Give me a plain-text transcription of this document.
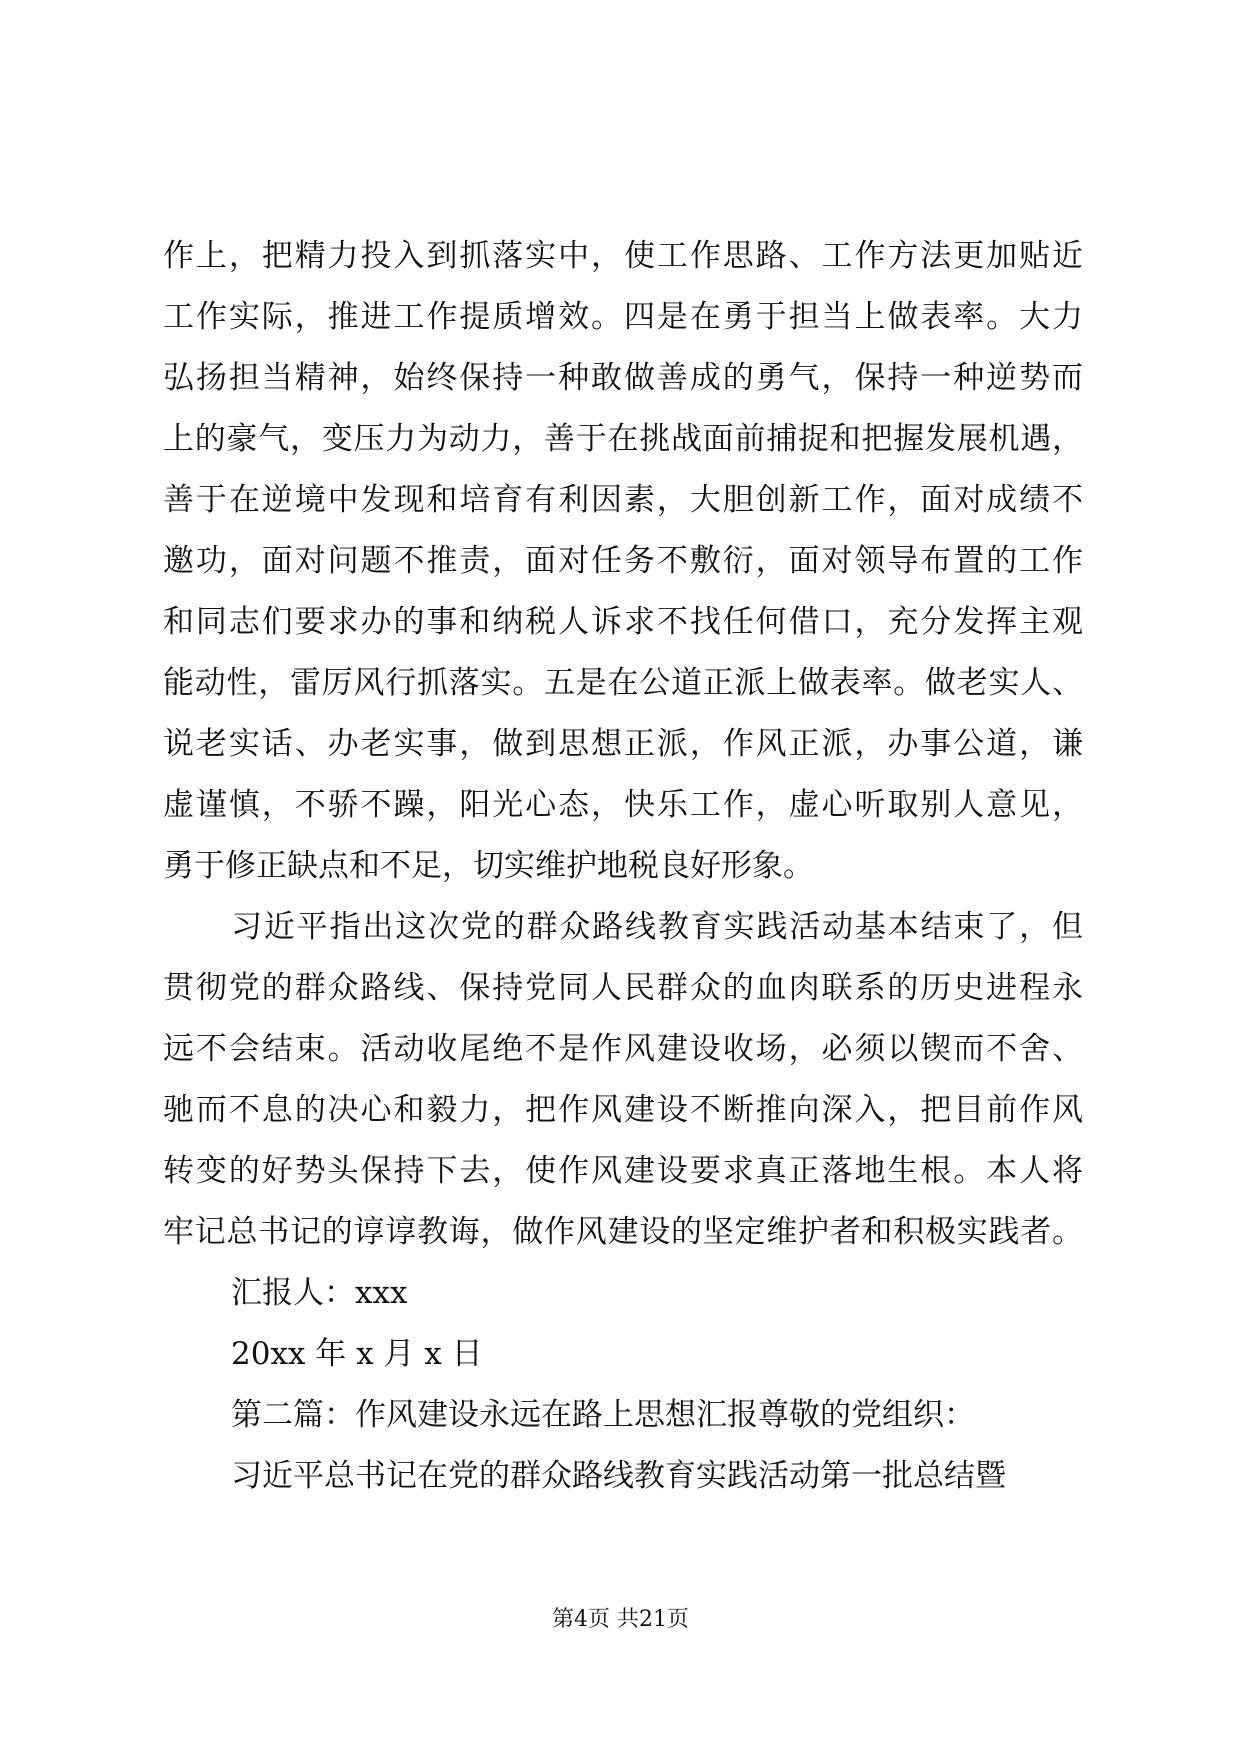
作上，把精力投入到抓落实中，使工作思路、工作方法更加贴近
工作实际，推进工作提质增效。四是在勇于担当上做表率。大力
弘扬担当精神，始终保持一种敢做善成的勇气，保持一种逆势而
上的豪气，变压力为动力，善于在挑战面前捕捉和把握发展机遇，
善于在逆境中发现和培育有利因素，大胆创新工作，面对成绩不
邀功，面对问题不推责，面对任务不敷衍，面对领导布置的工作
和同志们要求办的事和纳税人诉求不找任何借口，充分发挥主观
能动性，雷厉风行抓落实。五是在公道正派上做表率。做老实人、
说老实话、办老实事，做到思想正派，作风正派，办事公道，谦
虚谨慎，不骄不躁，阳光心态，快乐工作，虚心听取别人意见，
勇于修正缺点和不足，切实维护地税良好形象。
习近平指出这次党的群众路线教育实践活动基本结束了，但
贯彻党的群众路线、保持党同人民群众的血肉联系的历史进程永
远不会结束。活动收尾绝不是作风建设收场，必须以锲而不舍、
驰而不息的决心和毅力，把作风建设不断推向深入，把目前作风
转变的好势头保持下去，使作风建设要求真正落地生根。本人将
牢记总书记的谆谆教诲，做作风建设的坚定维护者和积极实践者。
汇报人：xxx
20xx 年 x 月 x 日
第二篇：作风建设永远在路上思想汇报尊敬的党组织：
习近平总书记在党的群众路线教育实践活动第一批总结暨
第4页 共21页
